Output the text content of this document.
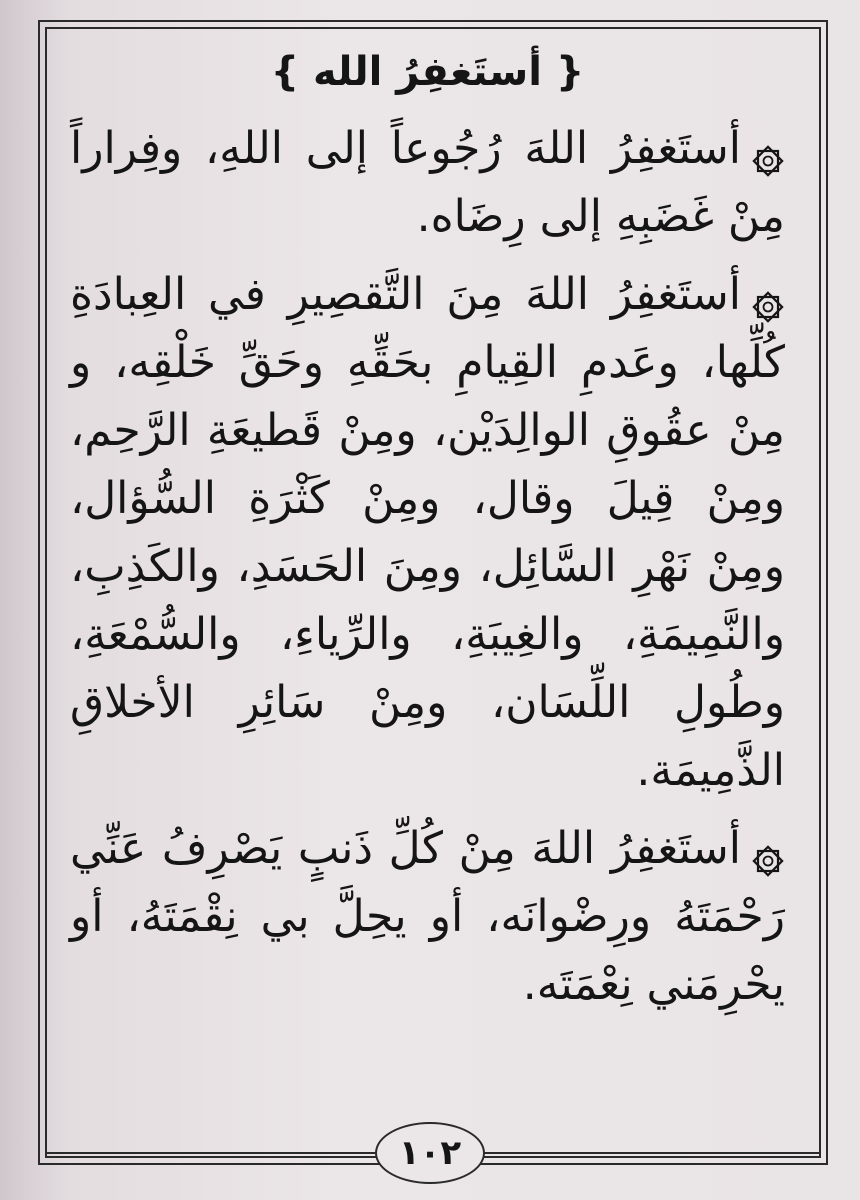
{ أستَغفِرُ الله }

أستَغفِرُ اللهَ رُجُوعاً إلى اللهِ، وفِراراً مِنْ غَضَبِهِ إلى رِضَاه.

أستَغفِرُ اللهَ مِنَ التَّقصِيرِ في العِبادَةِ كُلِّها، وعَدمِ القِيامِ بحَقِّهِ وحَقِّ خَلْقِه، و مِنْ عقُوقِ الوالِدَيْن، ومِنْ قَطيعَةِ الرَّحِم، ومِنْ قِيلَ وقال، ومِنْ كَثْرَةِ السُّؤال، ومِنْ نَهْرِ السَّائِل، ومِنَ الحَسَدِ، والكَذِبِ، والنَّمِيمَةِ، والغِيبَةِ، والرِّياءِ، والسُّمْعَةِ، وطُولِ اللِّسَان، ومِنْ سَائِرِ الأخلاقِ الذَّمِيمَة.

أستَغفِرُ اللهَ مِنْ كُلِّ ذَنبٍ يَصْرِفُ عَنِّي رَحْمَتَهُ ورِضْوانَه، أو يحِلَّ بي نِقْمَتَهُ، أو يحْرِمَني نِعْمَتَه.

١٠٢
